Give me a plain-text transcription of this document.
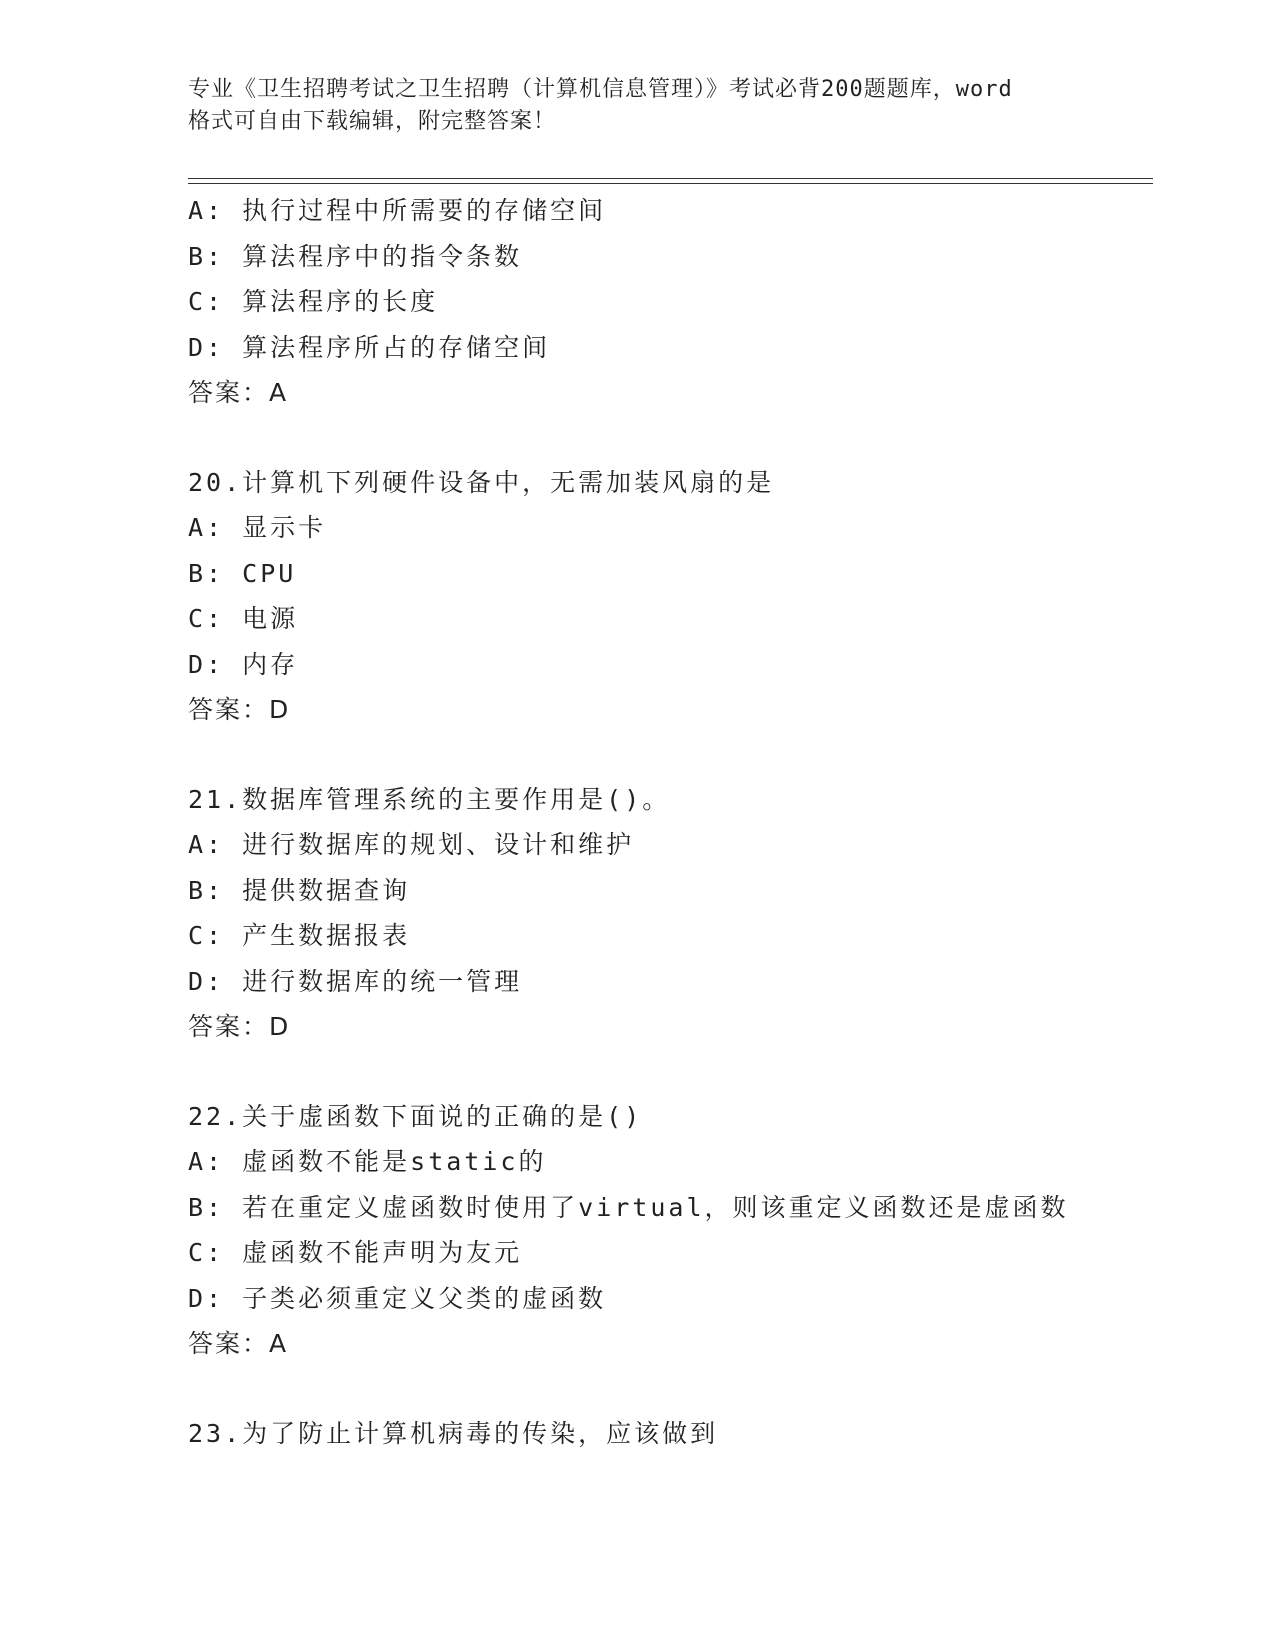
专业《卫生招聘考试之卫生招聘（计算机信息管理）》考试必背200题题库，word
格式可自由下载编辑，附完整答案！
A: 执行过程中所需要的存储空间
B: 算法程序中的指令条数
C: 算法程序的长度
D: 算法程序所占的存储空间
答案：A
20.计算机下列硬件设备中，无需加装风扇的是
A: 显示卡
B: CPU
C: 电源
D: 内存
答案：D
21.数据库管理系统的主要作用是()。
A: 进行数据库的规划、设计和维护
B: 提供数据查询
C: 产生数据报表
D: 进行数据库的统一管理
答案：D
22.关于虚函数下面说的正确的是()
A: 虚函数不能是static的
B: 若在重定义虚函数时使用了virtual，则该重定义函数还是虚函数
C: 虚函数不能声明为友元
D: 子类必须重定义父类的虚函数
答案：A
23.为了防止计算机病毒的传染，应该做到
